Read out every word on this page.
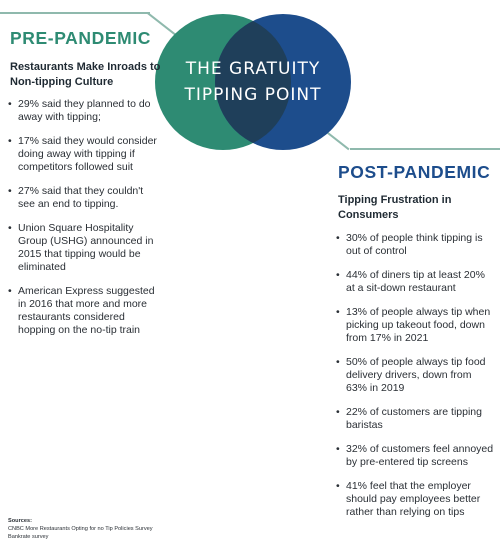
THE GRATUITY
TIPPING POINT
PRE-PANDEMIC
Restaurants Make Inroads to Non-tipping Culture
• 29% said they planned to do away with tipping;
• 17% said they would consider doing away with tipping if competitors followed suit
• 27% said that they couldn't see an end to tipping.
• Union Square Hospitality Group (USHG) announced in 2015 that tipping would be eliminated
• American Express suggested in 2016 that more and more restaurants considered hopping on the no-tip train
POST-PANDEMIC
Tipping Frustration in Consumers
• 30% of people think tipping is out of control
• 44% of diners tip at least 20% at a sit-down restaurant
• 13% of people always tip when picking up takeout food, down from 17% in 2021
• 50% of people always tip food delivery drivers, down from 63% in 2019
• 22% of customers are tipping baristas
• 32% of customers feel annoyed by pre-entered tip screens
• 41% feel that the employer should pay employees better rather than relying on tips
Sources:
CNBC More Restaurants Opting for no Tip Policies Survey
Bankrate survey
